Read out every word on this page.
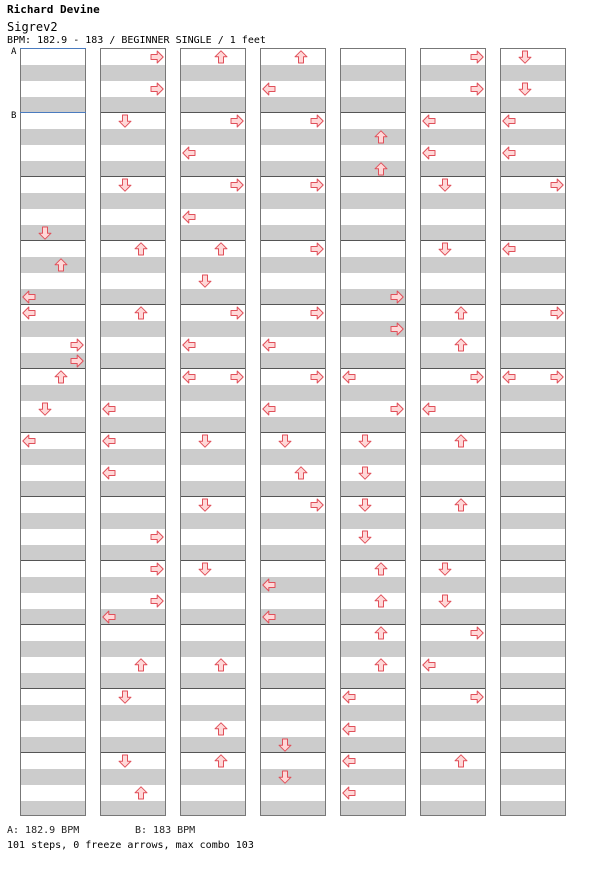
Richard Devine
Sigrev2
BPM: 182.9 - 183 / BEGINNER SINGLE / 1 feet
A
B
A: 182.9 BPM	B: 183 BPM
101 steps, 0 freeze arrows, max combo 103
